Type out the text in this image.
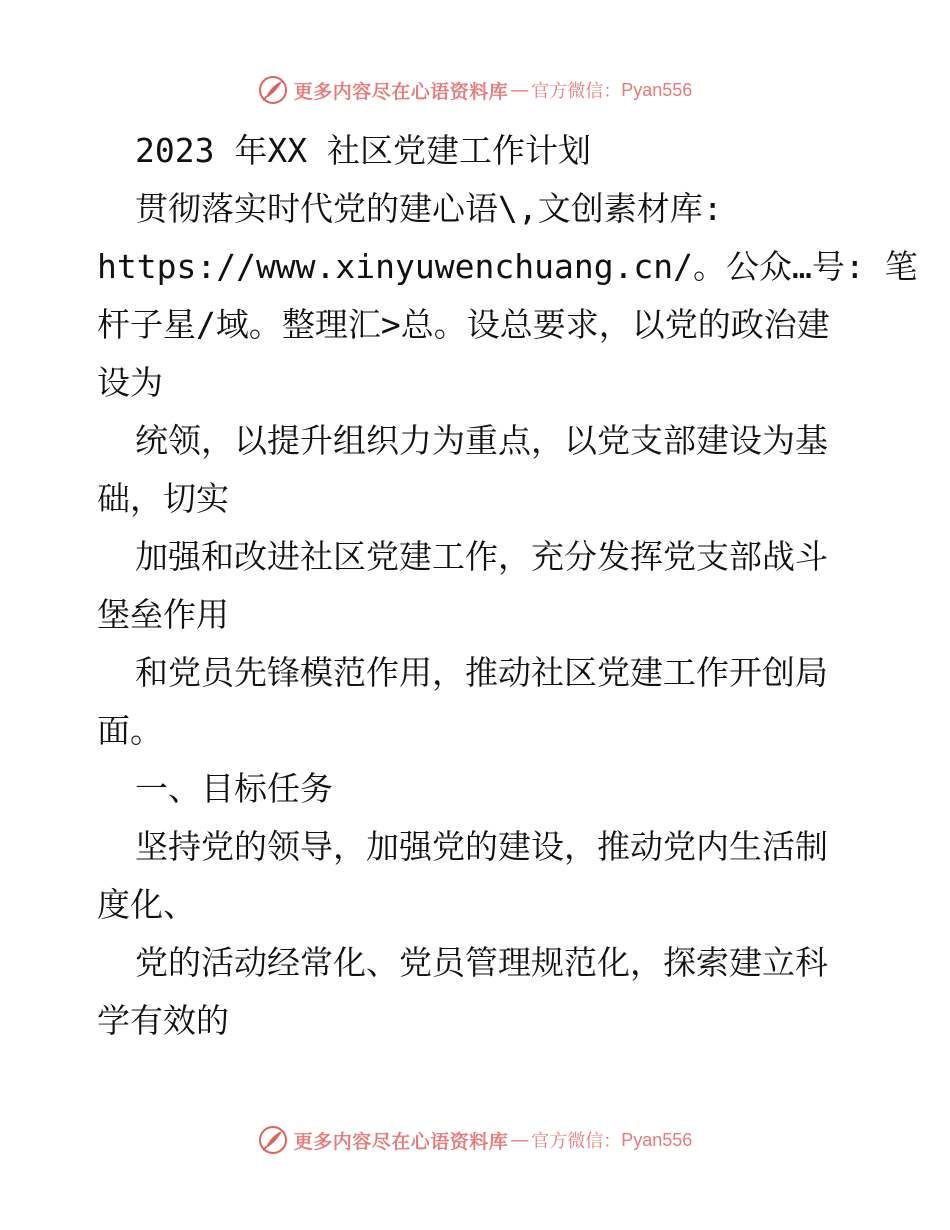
更多内容尽在心语资料库 — 官方微信： Pyan556
2023 年XX 社区党建工作计划
贯彻落实时代党的建心语\,文创素材库:
https://www.xinyuwenchuang.cn/。公众…号: 笔
杆子星/域。整理汇>总。设总要求，以党的政治建
设为
统领，以提升组织力为重点，以党支部建设为基
础，切实
加强和改进社区党建工作，充分发挥党支部战斗
堡垒作用
和党员先锋模范作用，推动社区党建工作开创局
面。
一、目标任务
坚持党的领导，加强党的建设，推动党内生活制
度化、
党的活动经常化、党员管理规范化，探索建立科
学有效的
更多内容尽在心语资料库 — 官方微信： Pyan556
